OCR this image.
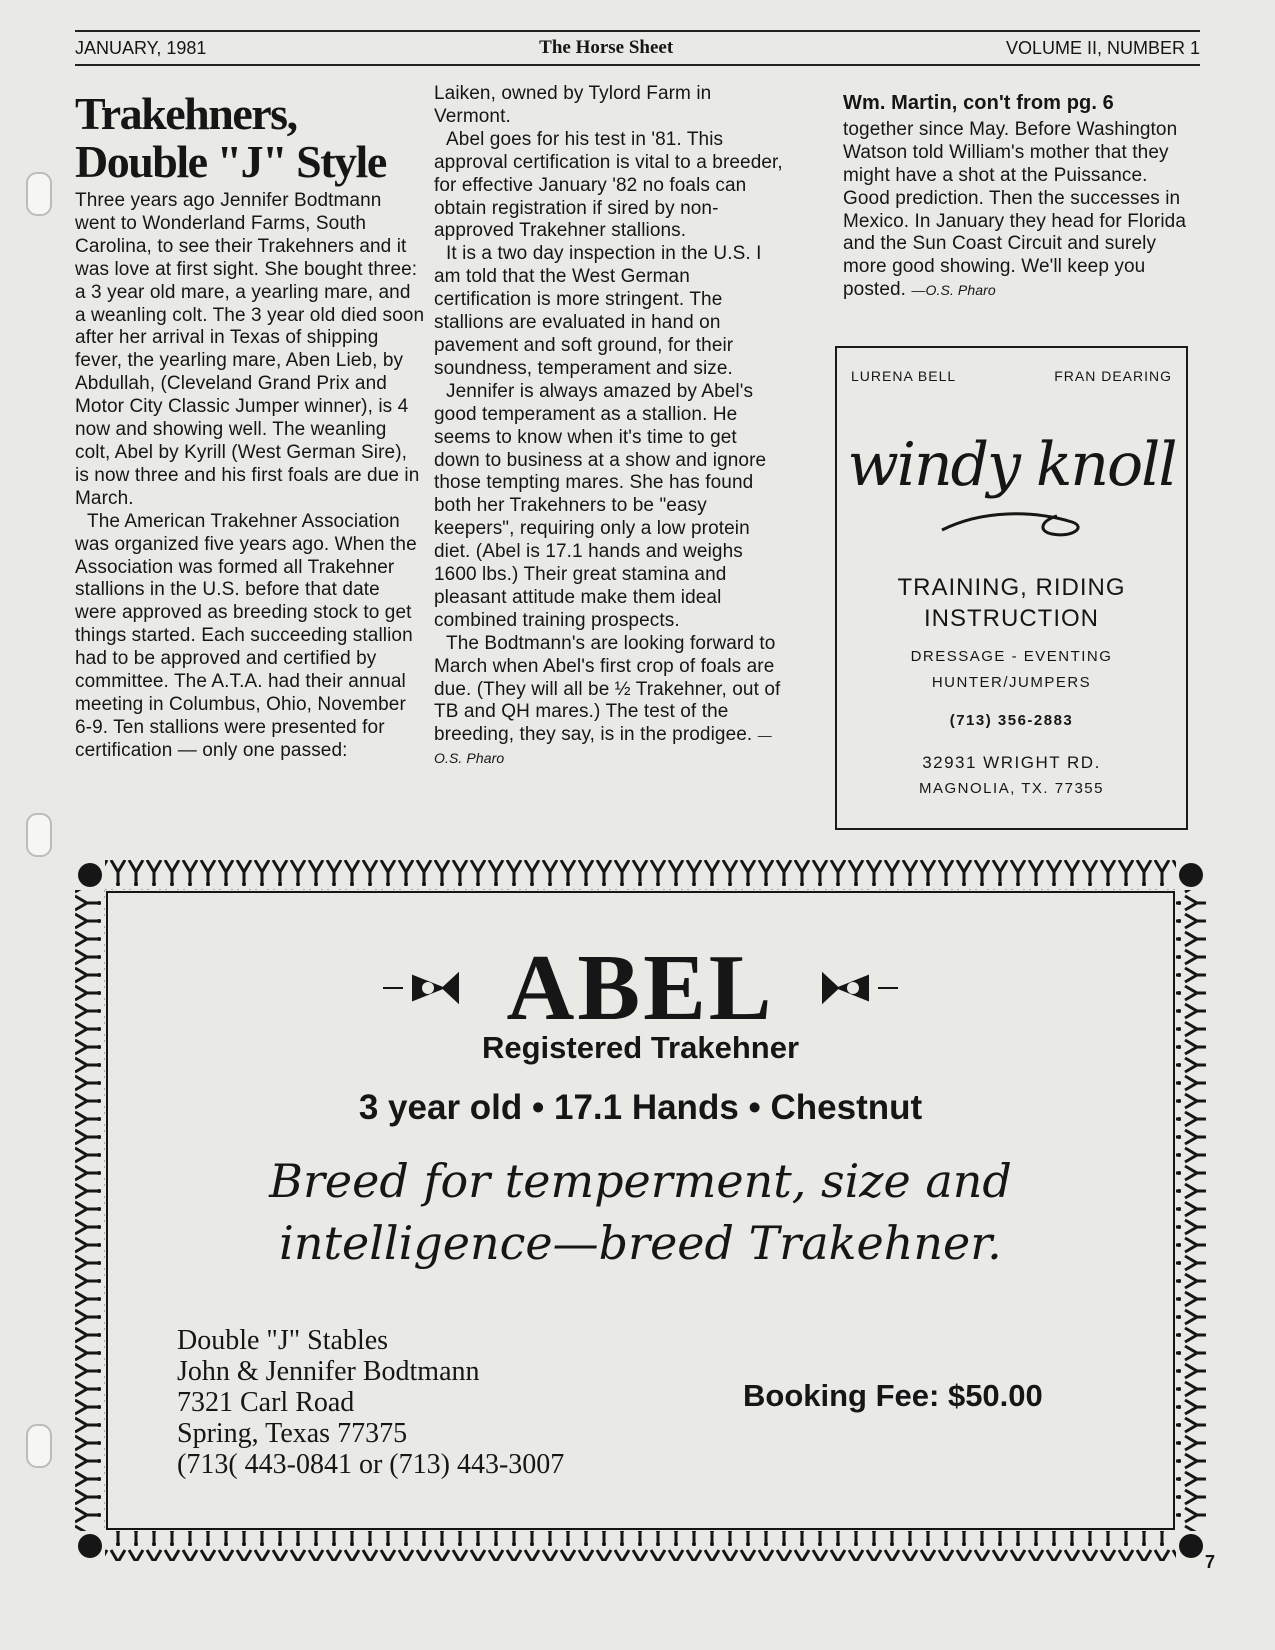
JANUARY, 1981	The Horse Sheet	VOLUME II, NUMBER 1
Trakehners,
Double "J" Style

Three years ago Jennifer Bodtmann went to Wonderland Farms, South Carolina, to see their Trakehners and it was love at first sight. She bought three: a 3 year old mare, a yearling mare, and a weanling colt. The 3 year old died soon after her arrival in Texas of shipping fever, the yearling mare, Aben Lieb, by Abdullah, (Cleveland Grand Prix and Motor City Classic Jumper winner), is 4 now and showing well. The weanling colt, Abel by Kyrill (West German Sire), is now three and his first foals are due in March.

The American Trakehner Association was organized five years ago. When the Association was formed all Trakehner stallions in the U.S. before that date were approved as breeding stock to get things started. Each succeeding stallion had to be approved and certified by committee. The A.T.A. had their annual meeting in Columbus, Ohio, November 6-9. Ten stallions were presented for certification — only one passed:

Laiken, owned by Tylord Farm in Vermont.

Abel goes for his test in '81. This approval certification is vital to a breeder, for effective January '82 no foals can obtain registration if sired by non-approved Trakehner stallions.

It is a two day inspection in the U.S. I am told that the West German certification is more stringent. The stallions are evaluated in hand on pavement and soft ground, for their soundness, temperament and size.

Jennifer is always amazed by Abel's good temperament as a stallion. He seems to know when it's time to get down to business at a show and ignore those tempting mares. She has found both her Trakehners to be "easy keepers", requiring only a low protein diet. (Abel is 17.1 hands and weighs 1600 lbs.) Their great stamina and pleasant attitude make them ideal combined training prospects.

The Bodtmann's are looking forward to March when Abel's first crop of foals are due. (They will all be ½ Trakehner, out of TB and QH mares.) The test of the breeding, they say, is in the prodigee. —O.S. Pharo

Wm. Martin, con't from pg. 6

together since May. Before Washington Watson told William's mother that they might have a shot at the Puissance. Good prediction. Then the successes in Mexico. In January they head for Florida and the Sun Coast Circuit and surely more good showing. We'll keep you posted. —O.S. Pharo

LURENA BELL	FRAN DEARING
windy knoll
TRAINING, RIDING
INSTRUCTION
DRESSAGE - EVENTING
HUNTER/JUMPERS
(713) 356-2883
32931 WRIGHT RD.
MAGNOLIA, TX. 77355
ABEL
Registered Trakehner
3 year old • 17.1 Hands • Chestnut
Breed for temperment, size and
intelligence—breed Trakehner.
Double "J" Stables
John & Jennifer Bodtmann
7321 Carl Road
Spring, Texas 77375
(713( 443-0841 or (713) 443-3007
Booking Fee: $50.00
7
